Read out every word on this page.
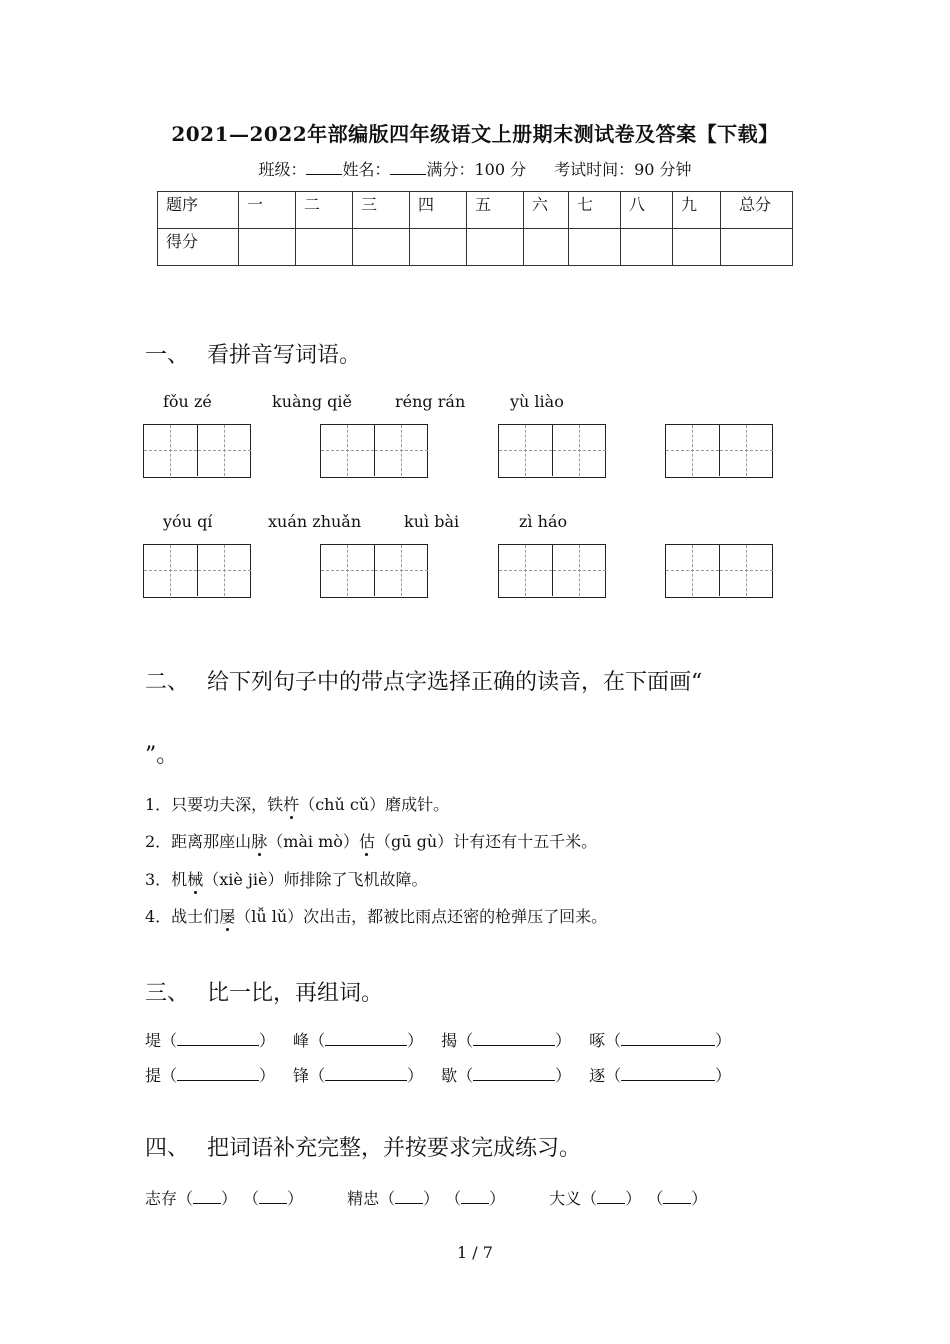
2021—2022年部编版四年级语文上册期末测试卷及答案【下载】
班级： 姓名： 满分：100 分 考试时间：90 分钟
题序	一	二	三	四	五	六	七	八	九	总分
得分										
一、 看拼音写词语。
fǒu zé	kuàng qiě	réng rán	yù liào
yóu qí	xuán zhuǎn	kuì bài	zì háo
二、 给下列句子中的带点字选择正确的读音，在下面画“
”。
1．只要功夫深，铁杵（chǔ cǔ）磨成针。
2．距离那座山脉（mài mò）估（gū gù）计有还有十五千米。
3．机械（xiè jiè）师排除了飞机故障。
4．战士们屡（lǚ lǔ）次出击，都被比雨点还密的枪弹压了回来。
三、 比一比，再组词。
堤（	） 峰（	） 揭（	） 啄（	）
提（	） 锋（	） 歇（	） 逐（	）
四、 把词语补充完整，并按要求完成练习。
志存（ ） （ ）	精忠（ ） （ ）	大义（ ） （ ）
1 / 7
